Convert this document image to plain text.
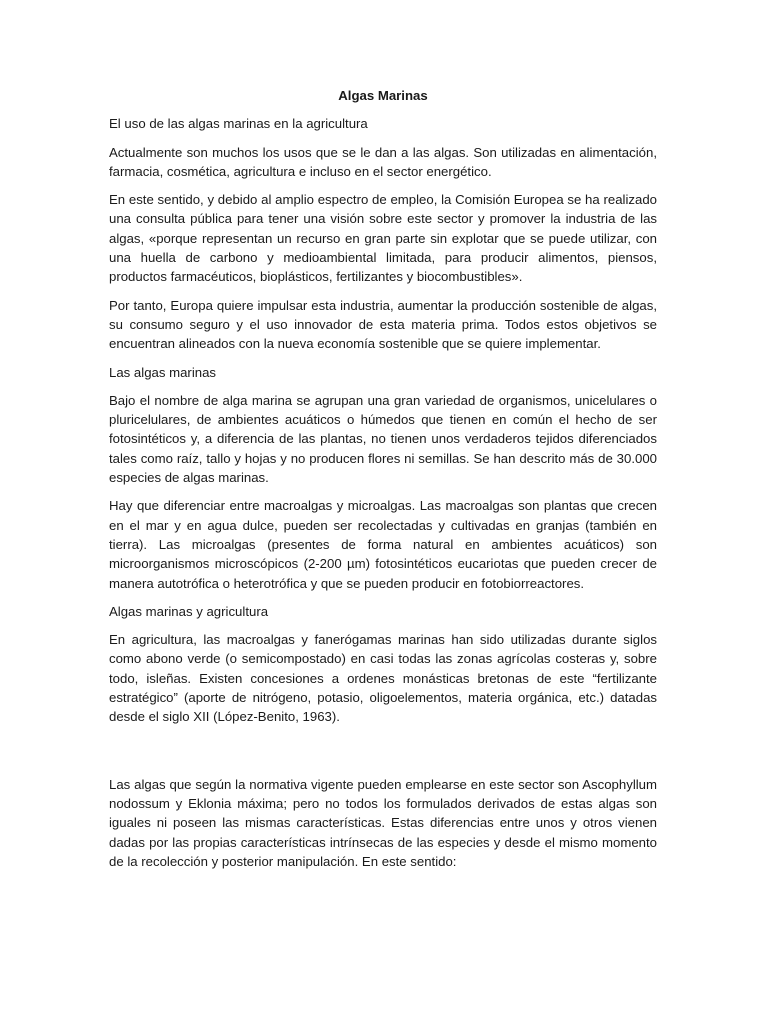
Algas Marinas
El uso de las algas marinas en la agricultura
Actualmente son muchos los usos que se le dan a las algas. Son utilizadas en alimentación, farmacia, cosmética, agricultura e incluso en el sector energético.
En este sentido, y debido al amplio espectro de empleo, la Comisión Europea se ha realizado una consulta pública para tener una visión sobre este sector y promover la industria de las algas, «porque representan un recurso en gran parte sin explotar que se puede utilizar, con una huella de carbono y medioambiental limitada, para producir alimentos, piensos, productos farmacéuticos, bioplásticos, fertilizantes y biocombustibles».
Por tanto, Europa quiere impulsar esta industria, aumentar la producción sostenible de algas, su consumo seguro y el uso innovador de esta materia prima. Todos estos objetivos se encuentran alineados con la nueva economía sostenible que se quiere implementar.
Las algas marinas
Bajo el nombre de alga marina se agrupan una gran variedad de organismos, unicelulares o pluricelulares, de ambientes acuáticos o húmedos que tienen en común el hecho de ser fotosintéticos y, a diferencia de las plantas, no tienen unos verdaderos tejidos diferenciados tales como raíz, tallo y hojas y no producen flores ni semillas. Se han descrito más de 30.000 especies de algas marinas.
Hay que diferenciar entre macroalgas y microalgas. Las macroalgas son plantas que crecen en el mar y en agua dulce, pueden ser recolectadas y cultivadas en granjas (también en tierra). Las microalgas (presentes de forma natural en ambientes acuáticos) son microorganismos microscópicos (2-200 µm) fotosintéticos eucariotas que pueden crecer de manera autotrófica o heterotrófica y que se pueden producir en fotobiorreactores.
Algas marinas y agricultura
En agricultura, las macroalgas y fanerógamas marinas han sido utilizadas durante siglos como abono verde (o semicompostado) en casi todas las zonas agrícolas costeras y, sobre todo, isleñas. Existen concesiones a ordenes monásticas bretonas de este “fertilizante estratégico” (aporte de nitrógeno, potasio, oligoelementos, materia orgánica, etc.) datadas desde el siglo XII (López-Benito, 1963).
Las algas que según la normativa vigente pueden emplearse en este sector son Ascophyllum nodossum y Eklonia máxima; pero no todos los formulados derivados de estas algas son iguales ni poseen las mismas características. Estas diferencias entre unos y otros vienen dadas por las propias características intrínsecas de las especies y desde el mismo momento de la recolección y posterior manipulación. En este sentido:
